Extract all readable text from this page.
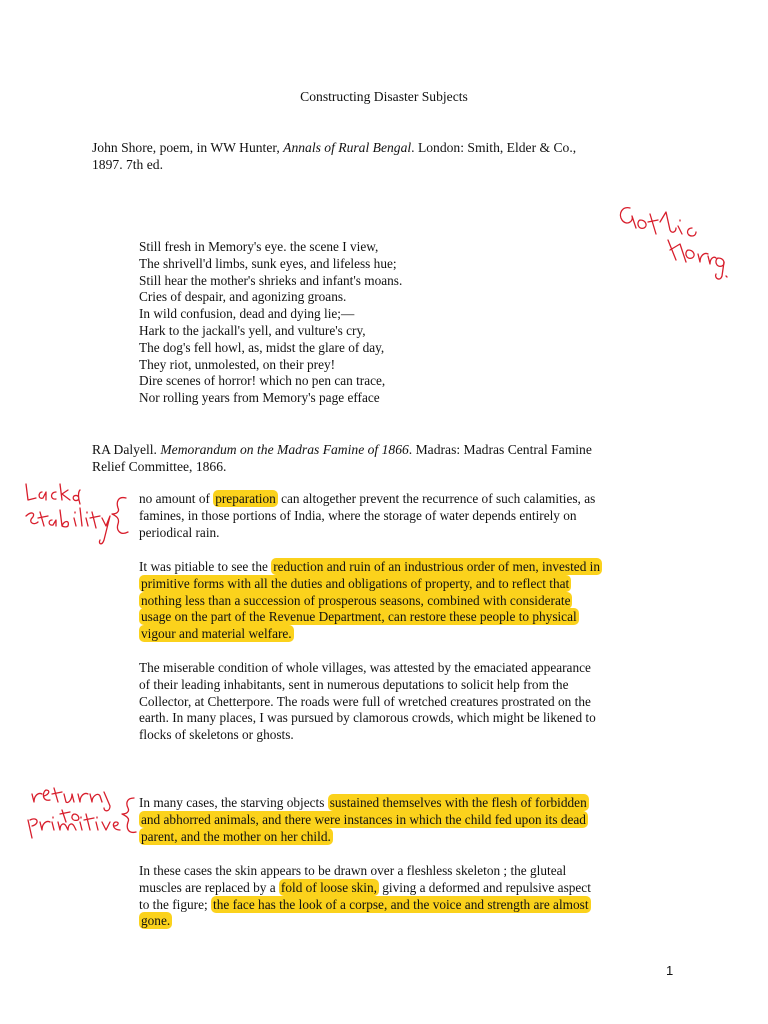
Constructing Disaster Subjects
John Shore, poem, in WW Hunter, Annals of Rural Bengal. London: Smith, Elder & Co.,
1897. 7th ed.
Still fresh in Memory's eye. the scene I view,
The shrivell'd limbs, sunk eyes, and lifeless hue;
Still hear the mother's shrieks and infant's moans.
Cries of despair, and agonizing groans.
In wild confusion, dead and dying lie;—
Hark to the jackall's yell, and vulture's cry,
The dog's fell howl, as, midst the glare of day,
They riot, unmolested, on their prey!
Dire scenes of horror! which no pen can trace,
Nor rolling years from Memory's page efface
RA Dalyell. Memorandum on the Madras Famine of 1866. Madras: Madras Central Famine
Relief Committee, 1866.
no amount of preparation can altogether prevent the recurrence of such calamities, as
famines, in those portions of India, where the storage of water depends entirely on
periodical rain.
It was pitiable to see the reduction and ruin of an industrious order of men, invested in
primitive forms with all the duties and obligations of property, and to reflect that
nothing less than a succession of prosperous seasons, combined with considerate
usage on the part of the Revenue Department, can restore these people to physical
vigour and material welfare.
The miserable condition of whole villages, was attested by the emaciated appearance
of their leading inhabitants, sent in numerous deputations to solicit help from the
Collector, at Chetterpore. The roads were full of wretched creatures prostrated on the
earth. In many places, I was pursued by clamorous crowds, which might be likened to
flocks of skeletons or ghosts.
In many cases, the starving objects sustained themselves with the flesh of forbidden
and abhorred animals, and there were instances in which the child fed upon its dead
parent, and the mother on her child.
In these cases the skin appears to be drawn over a fleshless skeleton ; the gluteal
muscles are replaced by a fold of loose skin, giving a deformed and repulsive aspect
to the figure; the face has the look of a corpse, and the voice and strength are almost
gone.
1
